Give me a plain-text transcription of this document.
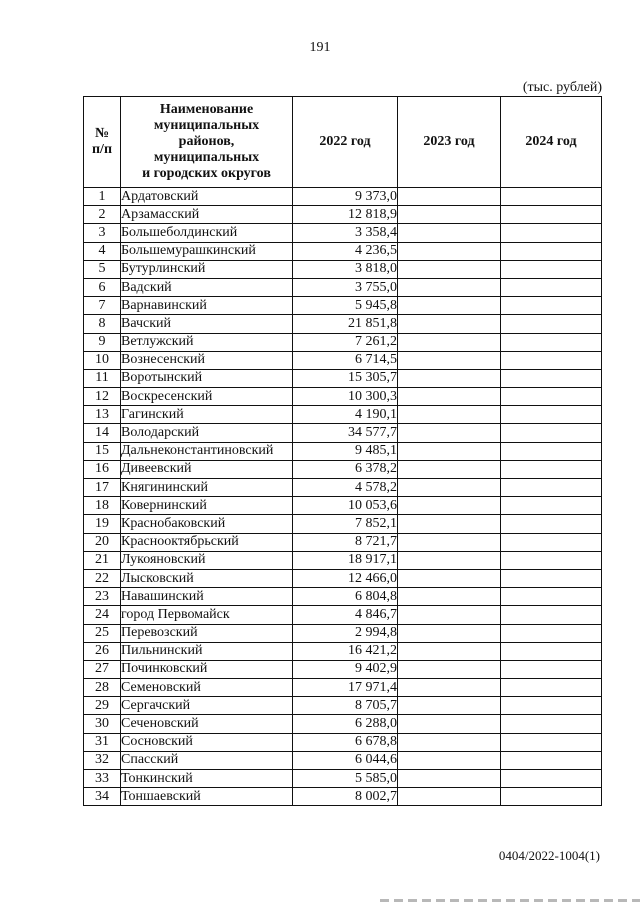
191
(тыс. рублей)
№
п/п	Наименование
муниципальных
районов,
муниципальных
и городских округов	2022 год	2023 год	2024 год
1	Ардатовский	9 373,0		
2	Арзамасский	12 818,9		
3	Большеболдинский	3 358,4		
4	Большемурашкинский	4 236,5		
5	Бутурлинский	3 818,0		
6	Вадский	3 755,0		
7	Варнавинский	5 945,8		
8	Вачский	21 851,8		
9	Ветлужский	7 261,2		
10	Вознесенский	6 714,5		
11	Воротынский	15 305,7		
12	Воскресенский	10 300,3		
13	Гагинский	4 190,1		
14	Володарский	34 577,7		
15	Дальнеконстантиновский	9 485,1		
16	Дивеевский	6 378,2		
17	Княгининский	4 578,2		
18	Ковернинский	10 053,6		
19	Краснобаковский	7 852,1		
20	Краснооктябрьский	8 721,7		
21	Лукояновский	18 917,1		
22	Лысковский	12 466,0		
23	Навашинский	6 804,8		
24	город Первомайск	4 846,7		
25	Перевозский	2 994,8		
26	Пильнинский	16 421,2		
27	Починковский	9 402,9		
28	Семеновский	17 971,4		
29	Сергачский	8 705,7		
30	Сеченовский	6 288,0		
31	Сосновский	6 678,8		
32	Спасский	6 044,6		
33	Тонкинский	5 585,0		
34	Тоншаевский	8 002,7		
0404/2022-1004(1)
